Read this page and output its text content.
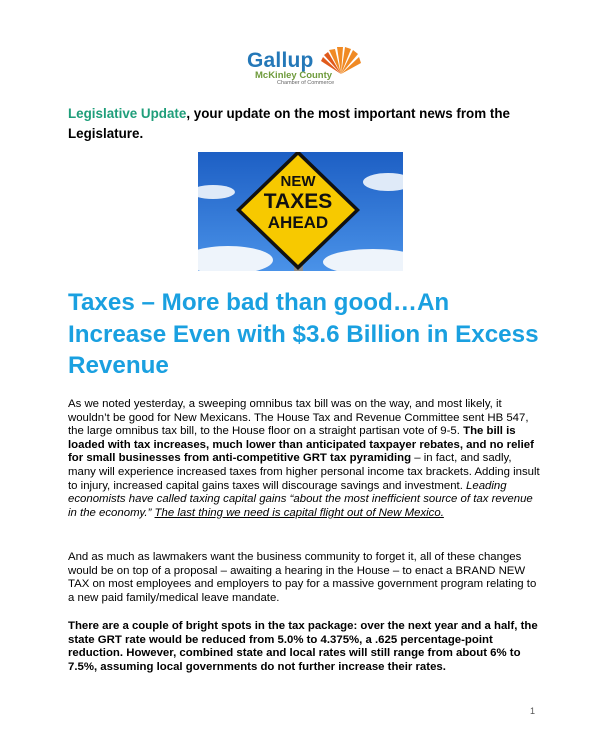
Gallup
McKinley County
Chamber of Commerce
Legislative Update, your update on the most important news from the Legislature.
NEW
TAXES
AHEAD
Taxes – More bad than good…An Increase Even with $3.6 Billion in Excess Revenue

As we noted yesterday, a sweeping omnibus tax bill was on the way, and most likely, it wouldn’t be good for New Mexicans. The House Tax and Revenue Committee sent HB 547, the large omnibus tax bill, to the House floor on a straight partisan vote of 9-5. The bill is loaded with tax increases, much lower than anticipated taxpayer rebates, and no relief for small businesses from anti-competitive GRT tax pyramiding – in fact, and sadly, many will experience increased taxes from higher personal income tax brackets. Adding insult to injury, increased capital gains taxes will discourage savings and investment. Leading economists have called taxing capital gains “about the most inefficient source of tax revenue in the economy.” The last thing we need is capital flight out of New Mexico.

And as much as lawmakers want the business community to forget it, all of these changes would be on top of a proposal – awaiting a hearing in the House – to enact a BRAND NEW TAX on most employees and employers to pay for a massive government program relating to a new paid family/medical leave mandate.

There are a couple of bright spots in the tax package: over the next year and a half, the state GRT rate would be reduced from 5.0% to 4.375%, a .625 percentage-point reduction. However, combined state and local rates will still range from about 6% to 7.5%, assuming local governments do not further increase their rates.

1
